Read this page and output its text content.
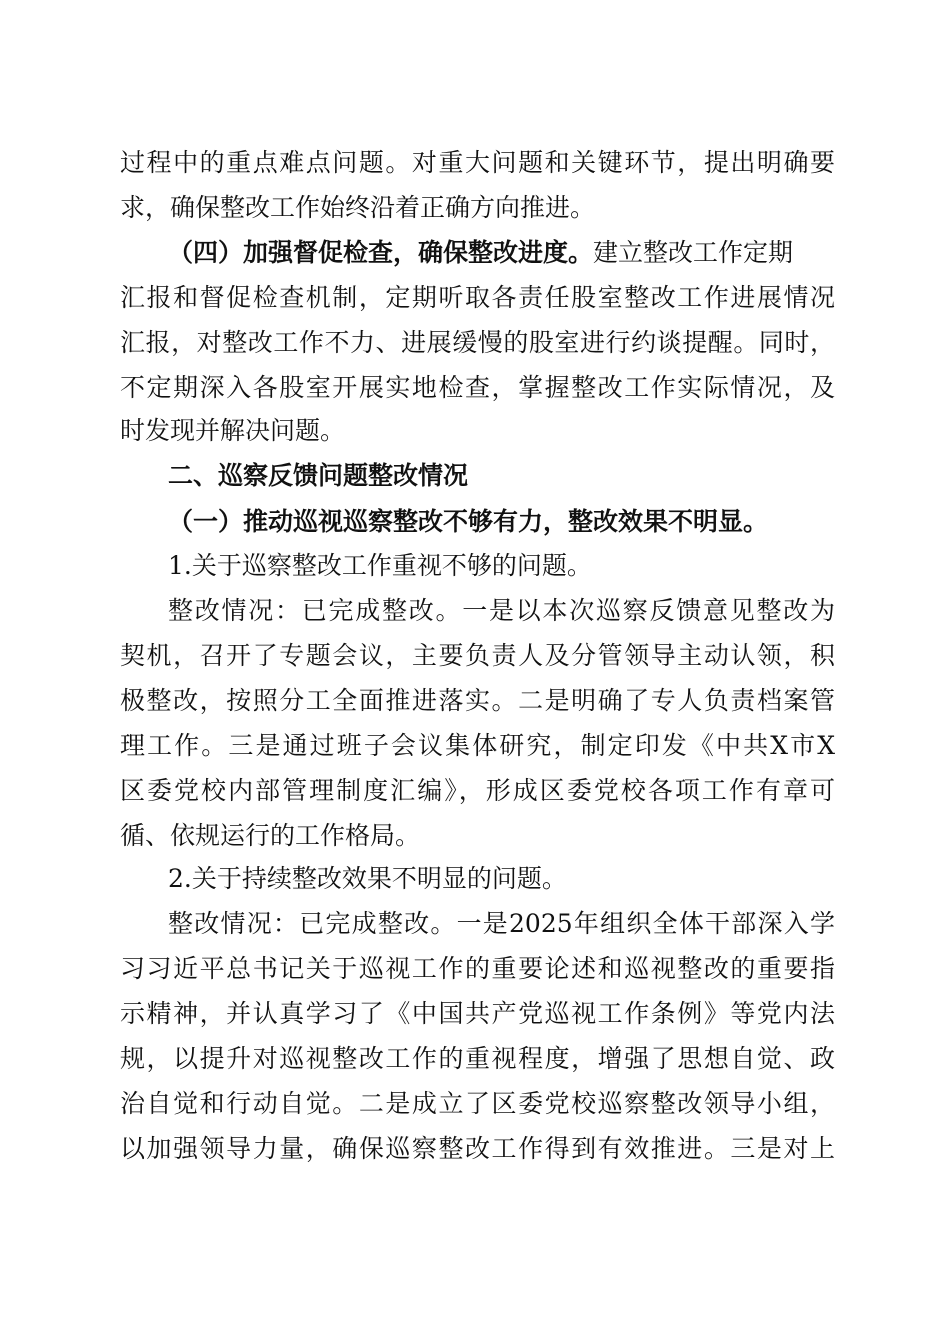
过程中的重点难点问题。对重大问题和关键环节，提出明确要
求，确保整改工作始终沿着正确方向推进。
（四）加强督促检查，确保整改进度。建立整改工作定期
汇报和督促检查机制，定期听取各责任股室整改工作进展情况
汇报，对整改工作不力、进展缓慢的股室进行约谈提醒。同时，
不定期深入各股室开展实地检查，掌握整改工作实际情况，及
时发现并解决问题。
二、巡察反馈问题整改情况
（一）推动巡视巡察整改不够有力，整改效果不明显。
1.关于巡察整改工作重视不够的问题。
整改情况：已完成整改。一是以本次巡察反馈意见整改为
契机，召开了专题会议，主要负责人及分管领导主动认领，积
极整改，按照分工全面推进落实。二是明确了专人负责档案管
理工作。三是通过班子会议集体研究，制定印发《中共X市X
区委党校内部管理制度汇编》，形成区委党校各项工作有章可
循、依规运行的工作格局。
2.关于持续整改效果不明显的问题。
整改情况：已完成整改。一是2025年组织全体干部深入学
习习近平总书记关于巡视工作的重要论述和巡视整改的重要指
示精神，并认真学习了《中国共产党巡视工作条例》等党内法
规，以提升对巡视整改工作的重视程度，增强了思想自觉、政
治自觉和行动自觉。二是成立了区委党校巡察整改领导小组，
以加强领导力量，确保巡察整改工作得到有效推进。三是对上
